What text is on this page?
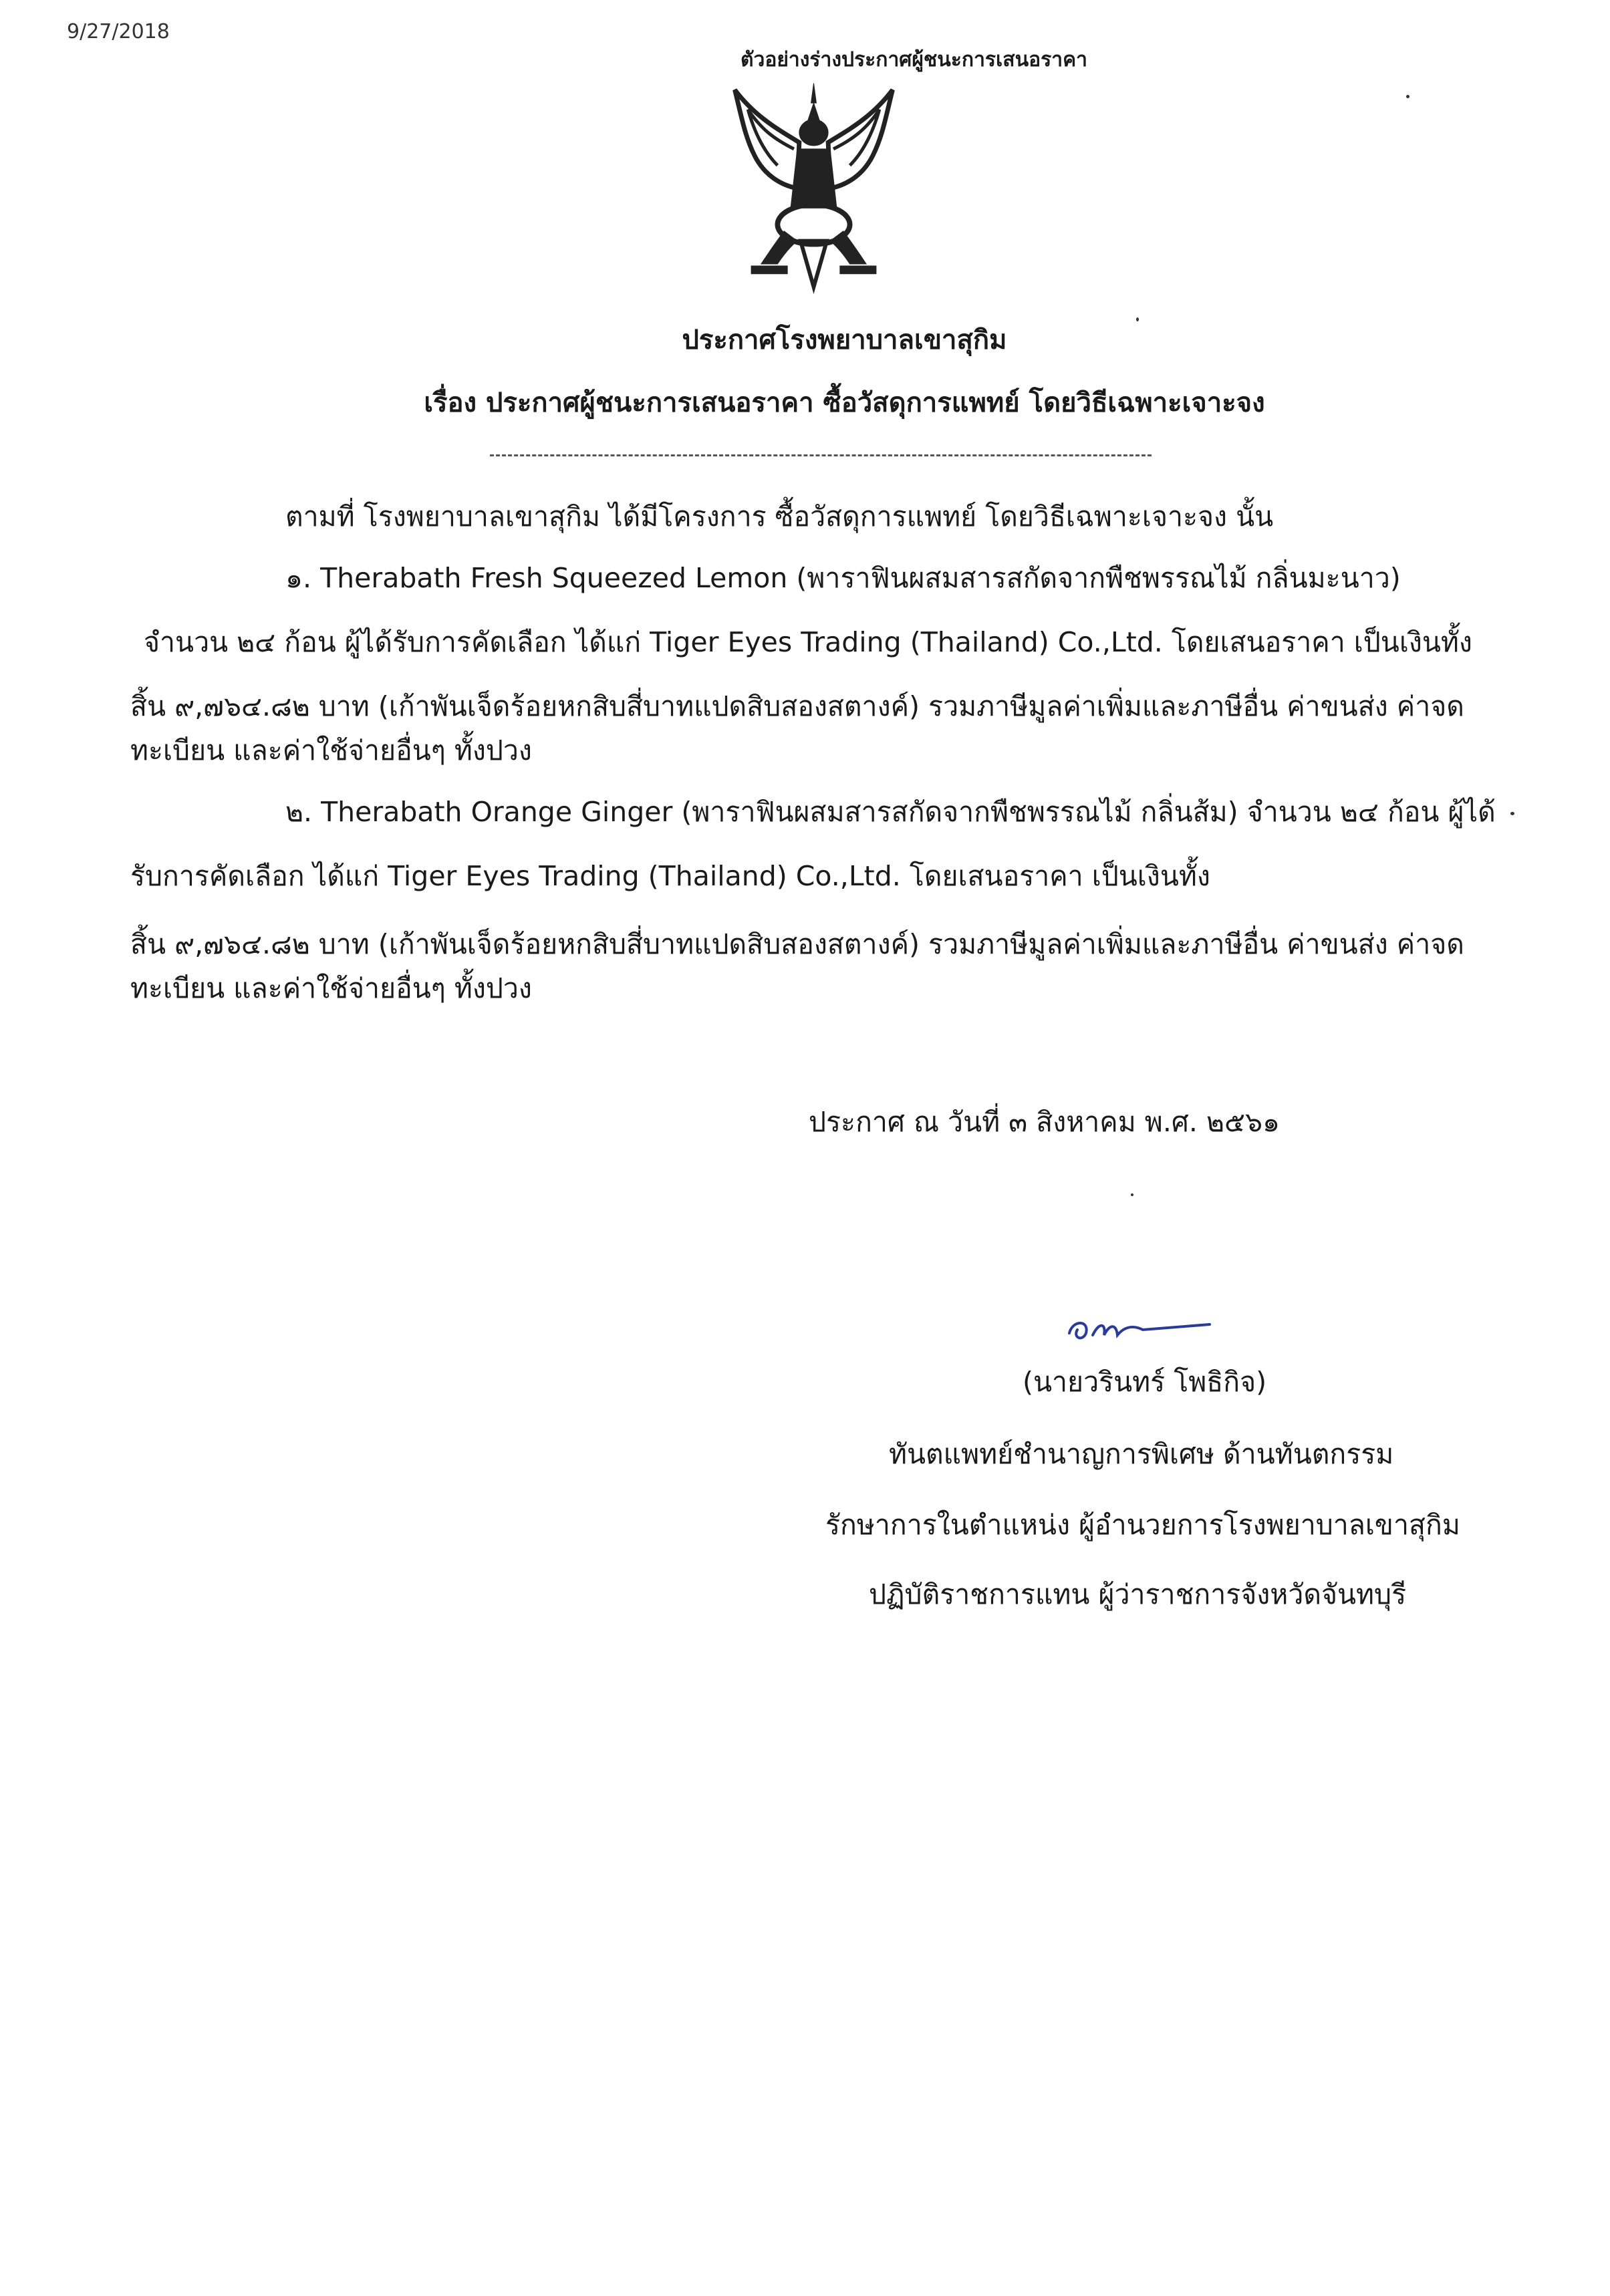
9/27/2018
ตัวอย่างร่างประกาศผู้ชนะการเสนอราคา
ประกาศโรงพยาบาลเขาสุกิม
เรื่อง ประกาศผู้ชนะการเสนอราคา ซื้อวัสดุการแพทย์ โดยวิธีเฉพาะเจาะจง
ตามที่ โรงพยาบาลเขาสุกิม ได้มีโครงการ ซื้อวัสดุการแพทย์ โดยวิธีเฉพาะเจาะจง นั้น
๑. Therabath Fresh Squeezed Lemon (พาราฟินผสมสารสกัดจากพืชพรรณไม้ กลิ่นมะนาว)
จำนวน ๒๔ ก้อน ผู้ได้รับการคัดเลือก ได้แก่ Tiger Eyes Trading (Thailand) Co.,Ltd. โดยเสนอราคา เป็นเงินทั้ง
สิ้น ๙,๗๖๔.๘๒ บาท (เก้าพันเจ็ดร้อยหกสิบสี่บาทแปดสิบสองสตางค์) รวมภาษีมูลค่าเพิ่มและภาษีอื่น ค่าขนส่ง ค่าจด
ทะเบียน และค่าใช้จ่ายอื่นๆ ทั้งปวง
๒. Therabath Orange Ginger (พาราฟินผสมสารสกัดจากพืชพรรณไม้ กลิ่นส้ม) จำนวน ๒๔ ก้อน ผู้ได้
รับการคัดเลือก ได้แก่ Tiger Eyes Trading (Thailand) Co.,Ltd. โดยเสนอราคา เป็นเงินทั้ง
สิ้น ๙,๗๖๔.๘๒ บาท (เก้าพันเจ็ดร้อยหกสิบสี่บาทแปดสิบสองสตางค์) รวมภาษีมูลค่าเพิ่มและภาษีอื่น ค่าขนส่ง ค่าจด
ทะเบียน และค่าใช้จ่ายอื่นๆ ทั้งปวง
ประกาศ ณ วันที่ ๓ สิงหาคม พ.ศ. ๒๕๖๑
(นายวรินทร์ โพธิกิจ)
ทันตแพทย์ชำนาญการพิเศษ ด้านทันตกรรม
รักษาการในตำแหน่ง ผู้อำนวยการโรงพยาบาลเขาสุกิม
ปฏิบัติราชการแทน ผู้ว่าราชการจังหวัดจันทบุรี
